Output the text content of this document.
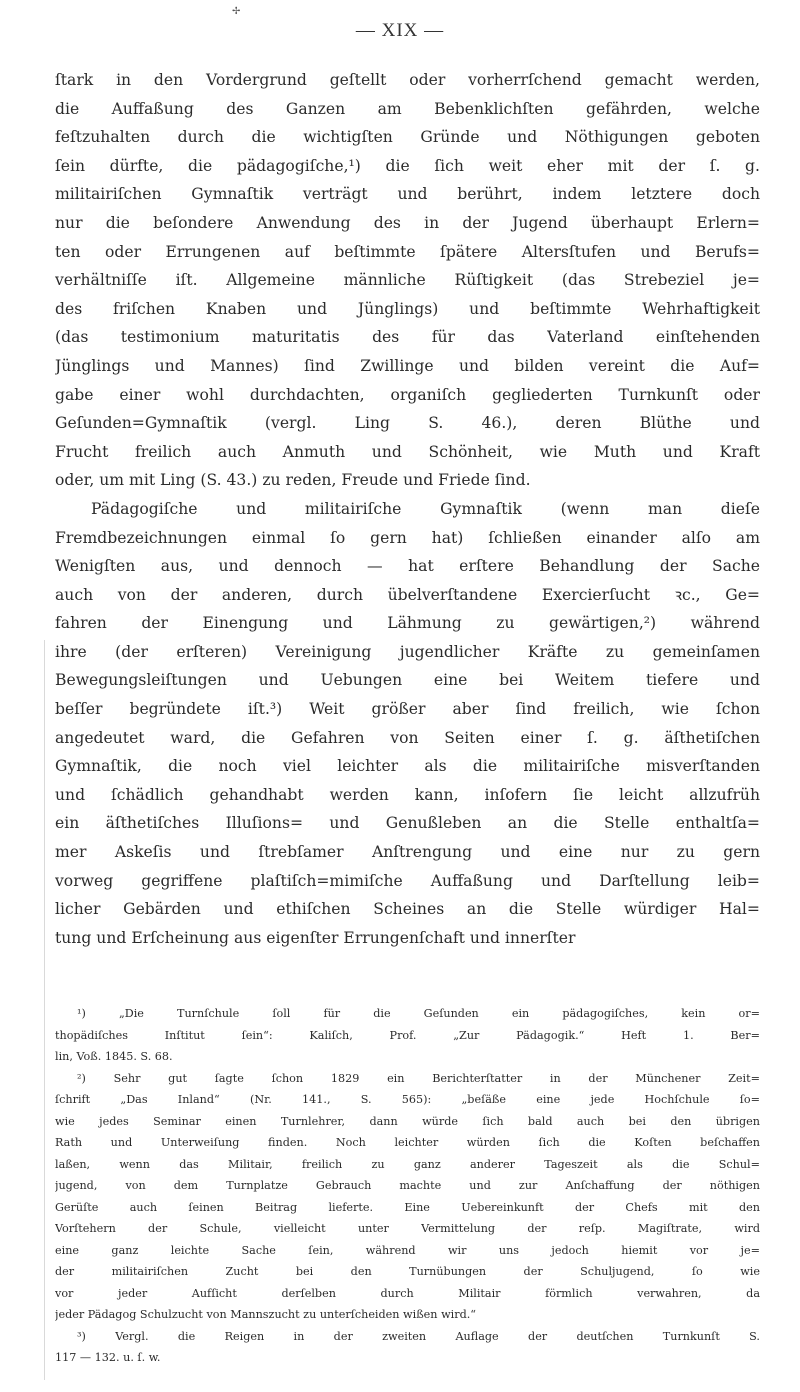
✢
— XIX —
ſtark in den Vordergrund geſtellt oder vorherrſchend gemacht werden,
die Auffaßung des Ganzen am Bebenklichſten gefährden, welche
feſtzuhalten durch die wichtigſten Gründe und Nöthigungen geboten
ſein dürfte, die pädagogiſche,¹) die ſich weit eher mit der ſ. g.
militairiſchen Gymnaſtik verträgt und berührt, indem letztere doch
nur die beſondere Anwendung des in der Jugend überhaupt Erlern=
ten oder Errungenen auf beſtimmte ſpätere Altersſtufen und Berufs=
verhältniſſe iſt. Allgemeine männliche Rüſtigkeit (das Strebeziel je=
des friſchen Knaben und Jünglings) und beſtimmte Wehrhaftigkeit
(das testimonium maturitatis des für das Vaterland einſtehenden
Jünglings und Mannes) ſind Zwillinge und bilden vereint die Auf=
gabe einer wohl durchdachten, organiſch gegliederten Turnkunſt oder
Geſunden=Gymnaſtik (vergl. Ling S. 46.), deren Blüthe und
Frucht freilich auch Anmuth und Schönheit, wie Muth und Kraft
oder, um mit Ling (S. 43.) zu reden, Freude und Friede ſind.
Pädagogiſche und militairiſche Gymnaſtik (wenn man dieſe
Fremdbezeichnungen einmal ſo gern hat) ſchließen einander alſo am
Wenigſten aus, und dennoch — hat erſtere Behandlung der Sache
auch von der anderen, durch übelverſtandene Exercierſucht ꝛc., Ge=
fahren der Einengung und Lähmung zu gewärtigen,²) während
ihre (der erſteren) Vereinigung jugendlicher Kräfte zu gemeinſamen
Bewegungsleiſtungen und Uebungen eine bei Weitem tiefere und
beſſer begründete iſt.³) Weit größer aber ſind freilich, wie ſchon
angedeutet ward, die Gefahren von Seiten einer ſ. g. äſthetiſchen
Gymnaſtik, die noch viel leichter als die militairiſche misverſtanden
und ſchädlich gehandhabt werden kann, inſofern ſie leicht allzufrüh
ein äſthetiſches Illuſions= und Genußleben an die Stelle enthaltſa=
mer Askeſis und ſtrebſamer Anſtrengung und eine nur zu gern
vorweg gegriffene plaſtiſch=mimiſche Auffaßung und Darſtellung leib=
licher Gebärden und ethiſchen Scheines an die Stelle würdiger Hal=
tung und Erſcheinung aus eigenſter Errungenſchaft und innerſter
¹) „Die Turnſchule ſoll für die Geſunden ein pädagogiſches, kein or=
thopädiſches Inſtitut ſein“: Kaliſch, Prof. „Zur Pädagogik.“ Heft 1. Ber=
lin, Voß. 1845. S. 68.
²) Sehr gut ſagte ſchon 1829 ein Berichterſtatter in der Münchener Zeit=
ſchrift „Das Inland“ (Nr. 141., S. 565): „beſäße eine jede Hochſchule ſo=
wie jedes Seminar einen Turnlehrer, dann würde ſich bald auch bei den übrigen
Rath und Unterweiſung finden. Noch leichter würden ſich die Koſten beſchaffen
laßen, wenn das Militair, freilich zu ganz anderer Tageszeit als die Schul=
jugend, von dem Turnplatze Gebrauch machte und zur Anſchaffung der nöthigen
Gerüſte auch ſeinen Beitrag lieferte. Eine Uebereinkunft der Chefs mit den
Vorſtehern der Schule, vielleicht unter Vermittelung der reſp. Magiſtrate, wird
eine ganz leichte Sache ſein, während wir uns jedoch hiemit vor je=
der militairiſchen Zucht bei den Turnübungen der Schuljugend, ſo wie
vor jeder Aufſicht derſelben durch Militair förmlich verwahren, da
jeder Pädagog Schulzucht von Mannszucht zu unterſcheiden wißen wird.“
³) Vergl. die Reigen in der zweiten Auflage der deutſchen Turnkunſt S.
117 — 132. u. ſ. w.
